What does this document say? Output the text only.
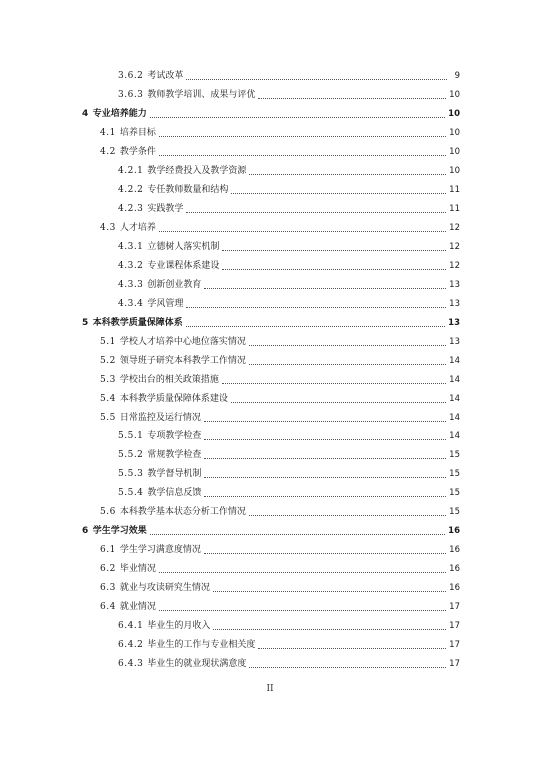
3.6.2 考试改革	9
3.6.3 教师教学培训、成果与评优	10
4 专业培养能力	10
4.1 培养目标	10
4.2 教学条件	10
4.2.1 教学经费投入及教学资源	10
4.2.2 专任教师数量和结构	11
4.2.3 实践教学	11
4.3 人才培养	12
4.3.1 立德树人落实机制	12
4.3.2 专业课程体系建设	12
4.3.3 创新创业教育	13
4.3.4 学风管理	13
5 本科教学质量保障体系	13
5.1 学校人才培养中心地位落实情况	13
5.2 领导班子研究本科教学工作情况	14
5.3 学校出台的相关政策措施	14
5.4 本科教学质量保障体系建设	14
5.5 日常监控及运行情况	14
5.5.1 专项教学检查	14
5.5.2 常规教学检查	15
5.5.3 教学督导机制	15
5.5.4 教学信息反馈	15
5.6 本科教学基本状态分析工作情况	15
6 学生学习效果	16
6.1 学生学习满意度情况	16
6.2 毕业情况	16
6.3 就业与攻读研究生情况	16
6.4 就业情况	17
6.4.1 毕业生的月收入	17
6.4.2 毕业生的工作与专业相关度	17
6.4.3 毕业生的就业现状满意度	17
II
